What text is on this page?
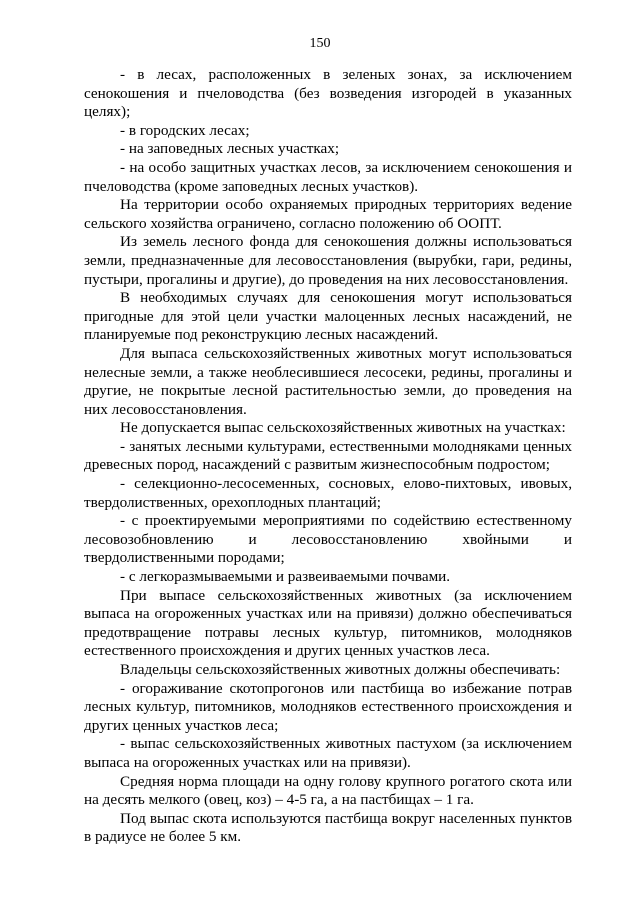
150

- в лесах, расположенных в зеленых зонах, за исключением сенокошения и пчеловодства (без возведения изгородей в указанных целях);

- в городских лесах;

- на заповедных лесных участках;

- на особо защитных участках лесов, за исключением сенокошения и пчеловодства (кроме заповедных лесных участков).

На территории особо охраняемых природных территориях ведение сельского хозяйства ограничено, согласно положению об ООПТ.

Из земель лесного фонда для сенокошения должны использоваться земли, предназначенные для лесовосстановления (вырубки, гари, редины, пустыри, прогалины и другие), до проведения на них лесовосстановления.

В необходимых случаях для сенокошения могут использоваться пригодные для этой цели участки малоценных лесных насаждений, не планируемые под реконструкцию лесных насаждений.

Для выпаса сельскохозяйственных животных могут использоваться нелесные земли, а также необлесившиеся лесосеки, редины, прогалины и другие, не покрытые лесной растительностью земли, до проведения на них лесовосстановления.

Не допускается выпас сельскохозяйственных животных на участках:

- занятых лесными культурами, естественными молодняками ценных древесных пород, насаждений с развитым жизнеспособным подростом;

- селекционно-лесосеменных, сосновых, елово-пихтовых, ивовых, твердолиственных, орехоплодных плантаций;

- с проектируемыми мероприятиями по содействию естественному лесовозобновлению и лесовосстановлению хвойными и твердолиственными породами;

- с легкоразмываемыми и развеиваемыми почвами.

При выпасе сельскохозяйственных животных (за исключением выпаса на огороженных участках или на привязи) должно обеспечиваться предотвращение потравы лесных культур, питомников, молодняков естественного происхождения и других ценных участков леса.

Владельцы сельскохозяйственных животных должны обеспечивать:

- огораживание скотопрогонов или пастбища во избежание потрав лесных культур, питомников, молодняков естественного происхождения и других ценных участков леса;

- выпас сельскохозяйственных животных пастухом (за исключением выпаса на огороженных участках или на привязи).

Средняя норма площади на одну голову крупного рогатого скота или на десять мелкого (овец, коз) – 4-5 га, а на пастбищах – 1 га.

Под выпас скота используются пастбища вокруг населенных пунктов в радиусе не более 5 км.
